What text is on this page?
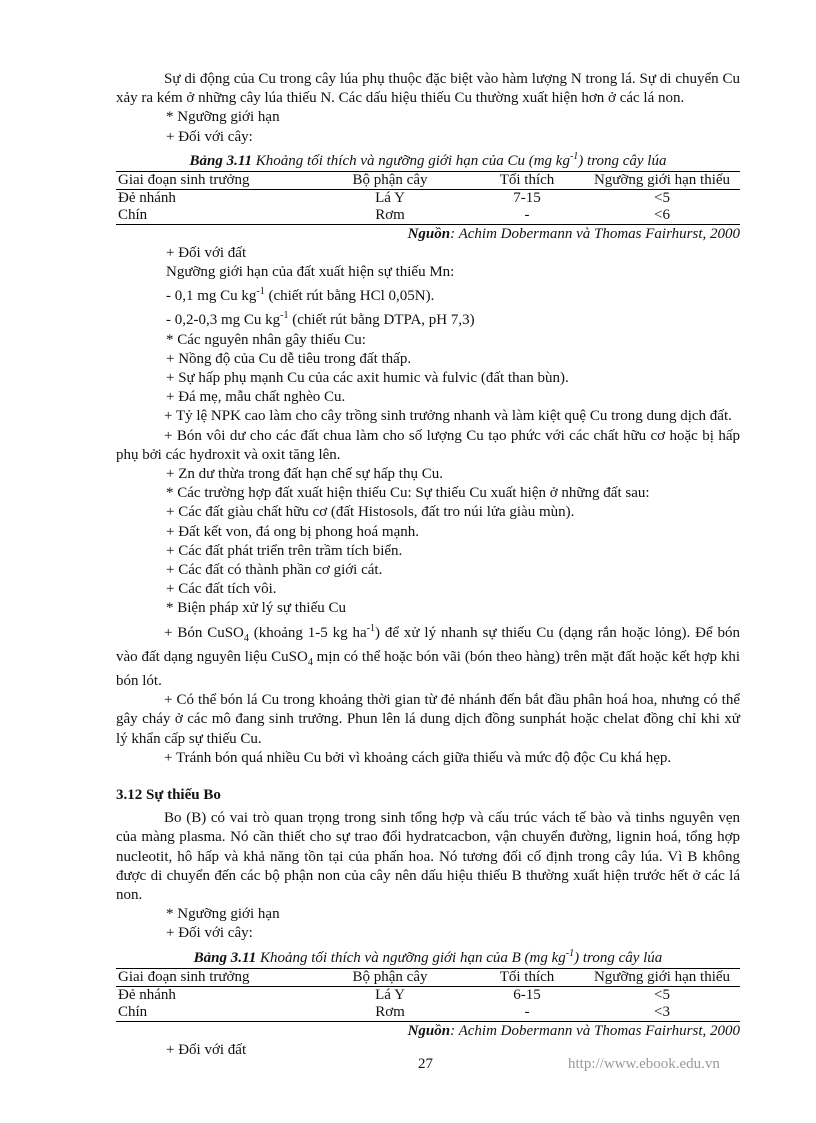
Sự di động của Cu trong cây lúa phụ thuộc đặc biệt vào hàm lượng N trong lá. Sự di chuyển Cu xảy ra kém ở những cây lúa thiếu N. Các dấu hiệu thiếu Cu thường xuất hiện hơn ở các lá non.

* Ngưỡng giới hạn
+ Đối với cây:
Bảng 3.11 Khoảng tối thích và ngưỡng giới hạn của Cu (mg $kg^{-1}$) trong cây lúa
Giai đoạn sinh trưởng	Bộ phận cây	Tối thích	Ngưỡng giới hạn thiếu
Đẻ nhánh	Lá Y	7-15	<5
Chín	Rơm	-	<6
Nguồn: Achim Dobermann và Thomas Fairhurst, 2000
+ Đối với đất
Ngưỡng giới hạn của đất xuất hiện sự thiếu Mn:
- 0,1 mg Cu $kg^{-1}$ (chiết rút bằng HCl 0,05N).
- 0,2-0,3 mg Cu $kg^{-1}$ (chiết rút bằng DTPA, pH 7,3)
* Các nguyên nhân gây thiếu Cu:
+ Nồng độ của Cu dễ tiêu trong đất thấp.
+ Sự hấp phụ mạnh Cu của các axit humic và fulvic (đất than bùn).
+ Đá mẹ, mẫu chất nghèo Cu.

+ Tỷ lệ NPK cao làm cho cây trồng sinh trưởng nhanh và làm kiệt quệ Cu trong dung dịch đất.

+ Bón vôi dư cho các đất chua làm cho số lượng Cu tạo phức với các chất hữu cơ hoặc bị hấp phụ bởi các hydroxit và oxit tăng lên.

+ Zn dư thừa trong đất hạn chế sự hấp thụ Cu.
* Các trường hợp đất xuất hiện thiếu Cu: Sự thiếu Cu xuất hiện ở những đất sau:
+ Các đất giàu chất hữu cơ (đất Histosols, đất tro núi lửa giàu mùn).
+ Đất kết von, đá ong bị phong hoá mạnh.
+ Các đất phát triển trên trầm tích biển.
+ Các đất có thành phần cơ giới cát.
+ Các đất tích vôi.
* Biện pháp xử lý sự thiếu Cu

+ Bón CuSO$_4$ (khoảng 1-5 kg $ha^{-1}$) để xử lý nhanh sự thiếu Cu (dạng rắn hoặc lỏng). Để bón vào đất dạng nguyên liệu CuSO$_4$ mịn có thể hoặc bón vãi (bón theo hàng) trên mặt đất hoặc kết hợp khi bón lót.

+ Có thể bón lá Cu trong khoảng thời gian từ đẻ nhánh đến bắt đầu phân hoá hoa, nhưng có thể gây cháy ở các mô đang sinh trưởng. Phun lên lá dung dịch đồng sunphát hoặc chelat đồng chỉ khi xử lý khẩn cấp sự thiếu Cu.

+ Tránh bón quá nhiều Cu bởi vì khoảng cách giữa thiếu và mức độ độc Cu khá hẹp.

3.12 Sự thiếu Bo

Bo (B) có vai trò quan trọng trong sinh tổng hợp và cấu trúc vách tế bào và tinhs nguyên vẹn của màng plasma. Nó cần thiết cho sự trao đổi hydratcacbon, vận chuyển đường, lignin hoá, tổng hợp nucleotit, hô hấp và khả năng tồn tại của phấn hoa. Nó tương đối cố định trong cây lúa. Vì B không được di chuyển đến các bộ phận non của cây nên dấu hiệu thiếu B thường xuất hiện trước hết ở các lá non.

* Ngưỡng giới hạn
+ Đối với cây:
Bảng 3.11 Khoảng tối thích và ngưỡng giới hạn của B (mg $kg^{-1}$) trong cây lúa
Giai đoạn sinh trưởng	Bộ phận cây	Tối thích	Ngưỡng giới hạn thiếu
Đẻ nhánh	Lá Y	6-15	<5
Chín	Rơm	-	<3
Nguồn: Achim Dobermann và Thomas Fairhurst, 2000
+ Đối với đất
27	http://www.ebook.edu.vn
